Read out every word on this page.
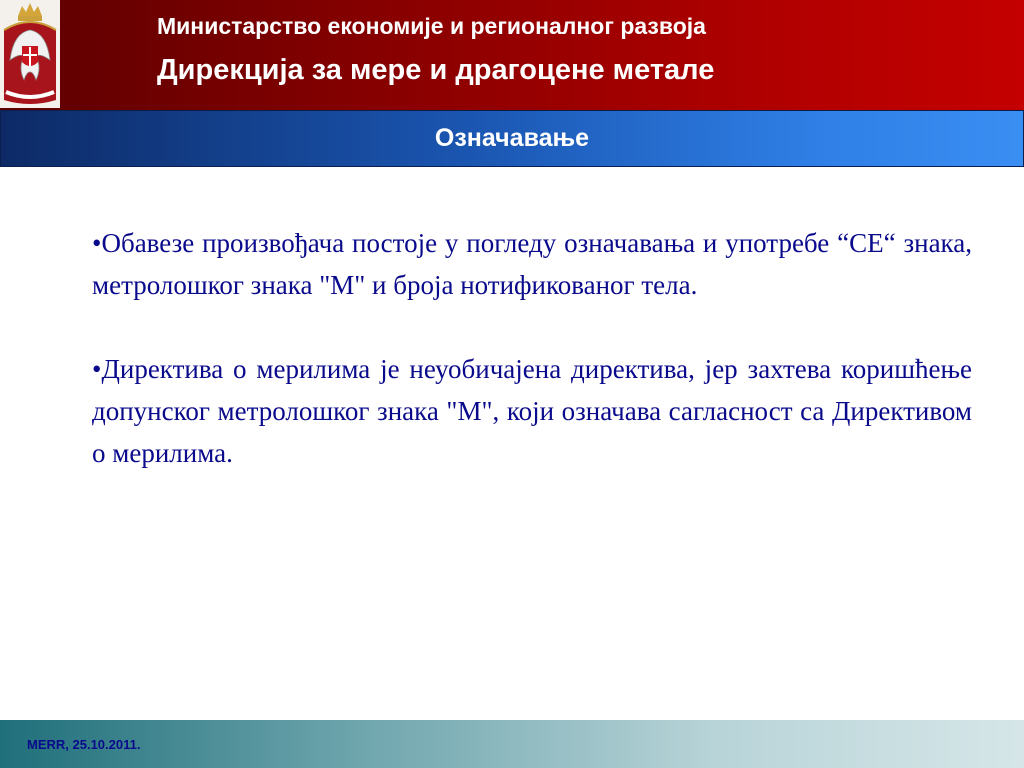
Министарство економије и регионалног развоја
Дирекција за мере и драгоцене метале
Означавање

•Обавезе произвођача постоје у погледу означавања и употребе “CE“ знака, метролошког знака "M" и броја нотификованог тела.

•Директива о мерилима је неуобичајена директива, јер захтева коришћење допунског метролошког знака "M", који означава сагласност са Директивом о мерилима.

MERR, 25.10.2011.
